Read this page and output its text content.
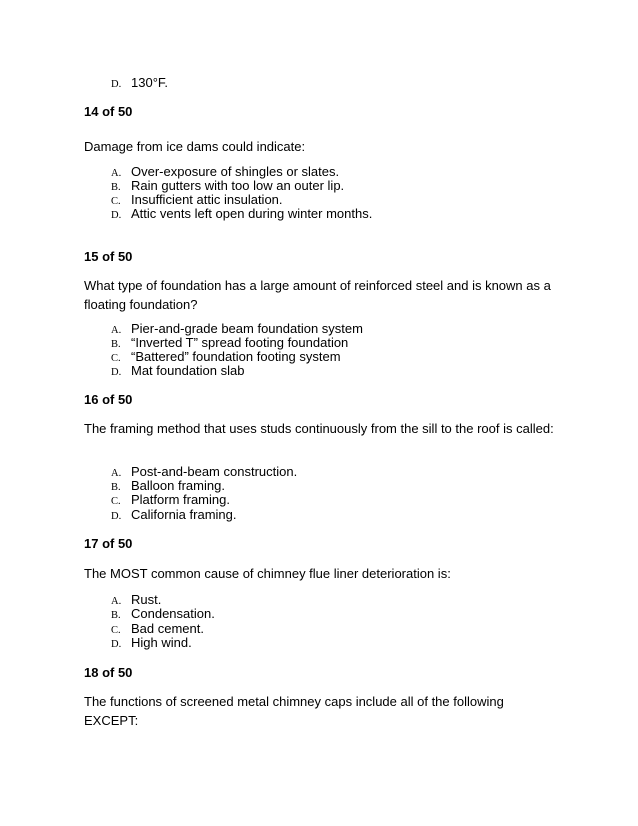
D. 130°F.
14 of 50
Damage from ice dams could indicate:
A. Over-exposure of shingles or slates.
B. Rain gutters with too low an outer lip.
C. Insufficient attic insulation.
D. Attic vents left open during winter months.
15 of 50
What type of foundation has a large amount of reinforced steel and is known as a floating foundation?
A. Pier-and-grade beam foundation system
B. “Inverted T” spread footing foundation
C. “Battered” foundation footing system
D. Mat foundation slab
16 of 50
The framing method that uses studs continuously from the sill to the roof is called:
A. Post-and-beam construction.
B. Balloon framing.
C. Platform framing.
D. California framing.
17 of 50
The MOST common cause of chimney flue liner deterioration is:
A. Rust.
B. Condensation.
C. Bad cement.
D. High wind.
18 of 50
The functions of screened metal chimney caps include all of the following EXCEPT:
